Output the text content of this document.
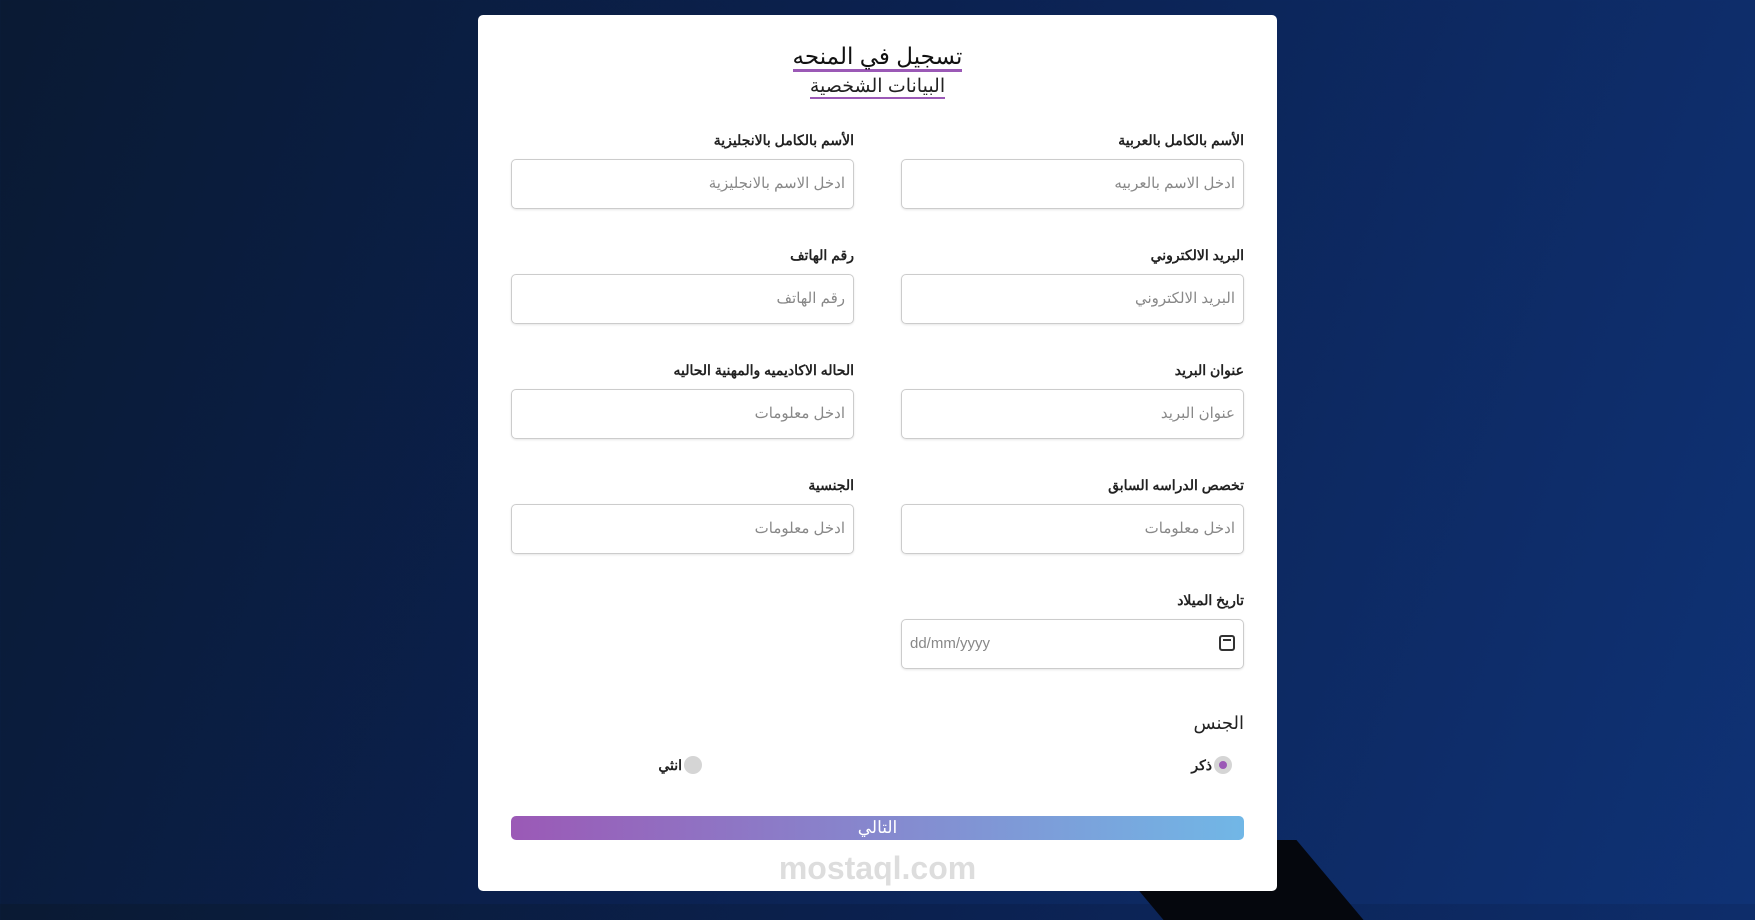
تسجيل في المنحه
البيانات الشخصية
الأسم بالكامل بالعربية
ادخل الاسم بالعربيه
الأسم بالكامل بالانجليزية
ادخل الاسم بالانجليزية
البريد الالكتروني
البريد الالكتروني
رقم الهاتف
رقم الهاتف
عنوان البريد
عنوان البريد
الحاله الاكاديميه والمهنية الحاليه
ادخل معلومات
تخصص الدراسه السابق
ادخل معلومات
الجنسية
ادخل معلومات
تاريخ الميلاد
dd/mm/yyyy
الجنس
ذكر
انثي
التالي
mostaql.com
